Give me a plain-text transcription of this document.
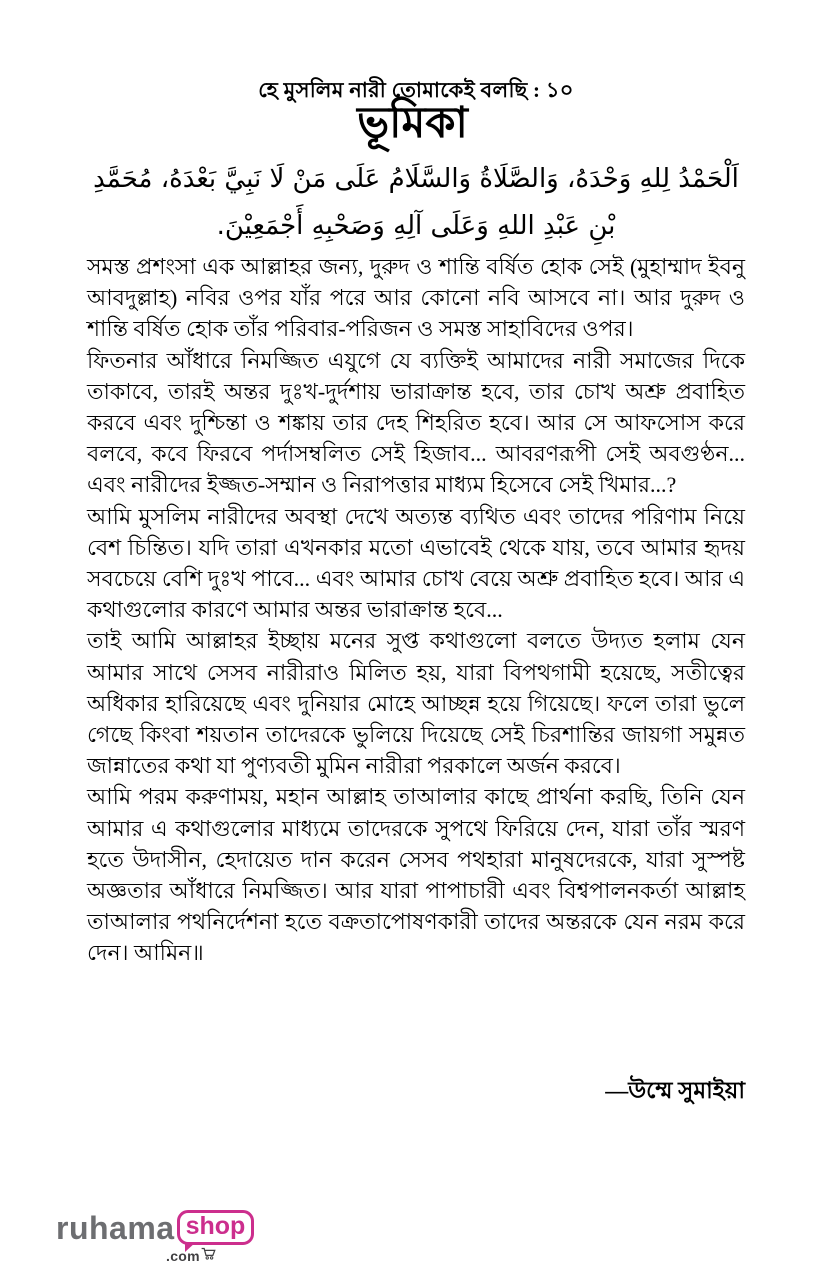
হে মুসলিম নারী তোমাকেই বলছি : ১০
ভূমিকা
اَلْحَمْدُ لِلهِ وَحْدَهُ، وَالصَّلَاةُ وَالسَّلَامُ عَلَى مَنْ لَا نَبِيَّ بَعْدَهُ، مُحَمَّدِ بْنِ عَبْدِ اللهِ وَعَلَى آلِهِ وَصَحْبِهِ أَجْمَعِيْنَ.

সমস্ত প্রশংসা এক আল্লাহর জন্য, দুরুদ ও শান্তি বর্ষিত হোক সেই (মুহাম্মাদ ইবনু আবদুল্লাহ) নবির ওপর যাঁর পরে আর কোনো নবি আসবে না। আর দুরুদ ও শান্তি বর্ষিত হোক তাঁর পরিবার-পরিজন ও সমস্ত সাহাবিদের ওপর।

ফিতনার আঁধারে নিমজ্জিত এযুগে যে ব্যক্তিই আমাদের নারী সমাজের দিকে তাকাবে, তারই অন্তর দুঃখ-দুর্দশায় ভারাক্রান্ত হবে, তার চোখ অশ্রু প্রবাহিত করবে এবং দুশ্চিন্তা ও শঙ্কায় তার দেহ শিহরিত হবে। আর সে আফসোস করে বলবে, কবে ফিরবে পর্দাসম্বলিত সেই হিজাব... আবরণরূপী সেই অবগুণ্ঠন... এবং নারীদের ইজ্জত-সম্মান ও নিরাপত্তার মাধ্যম হিসেবে সেই খিমার...?

আমি মুসলিম নারীদের অবস্থা দেখে অত্যন্ত ব্যথিত এবং তাদের পরিণাম নিয়ে বেশ চিন্তিত। যদি তারা এখনকার মতো এভাবেই থেকে যায়, তবে আমার হৃদয় সবচেয়ে বেশি দুঃখ পাবে... এবং আমার চোখ বেয়ে অশ্রু প্রবাহিত হবে। আর এ কথাগুলোর কারণে আমার অন্তর ভারাক্রান্ত হবে...

তাই আমি আল্লাহর ইচ্ছায় মনের সুপ্ত কথাগুলো বলতে উদ্যত হলাম যেন আমার সাথে সেসব নারীরাও মিলিত হয়, যারা বিপথগামী হয়েছে, সতীত্বের অধিকার হারিয়েছে এবং দুনিয়ার মোহে আচ্ছন্ন হয়ে গিয়েছে। ফলে তারা ভুলে গেছে কিংবা শয়তান তাদেরকে ভুলিয়ে দিয়েছে সেই চিরশান্তির জায়গা সমুন্নত জান্নাতের কথা যা পুণ্যবতী মুমিন নারীরা পরকালে অর্জন করবে।

আমি পরম করুণাময়, মহান আল্লাহ তাআলার কাছে প্রার্থনা করছি, তিনি যেন আমার এ কথাগুলোর মাধ্যমে তাদেরকে সুপথে ফিরিয়ে দেন, যারা তাঁর স্মরণ হতে উদাসীন, হেদায়েত দান করেন সেসব পথহারা মানুষদেরকে, যারা সুস্পষ্ট অজ্ঞতার আঁধারে নিমজ্জিত। আর যারা পাপাচারী এবং বিশ্বপালনকর্তা আল্লাহ তাআলার পথনির্দেশনা হতে বক্রতাপোষণকারী তাদের অন্তরকে যেন নরম করে দেন। আমিন॥

—উম্মে সুমাইয়া
ruhama shop
.com
